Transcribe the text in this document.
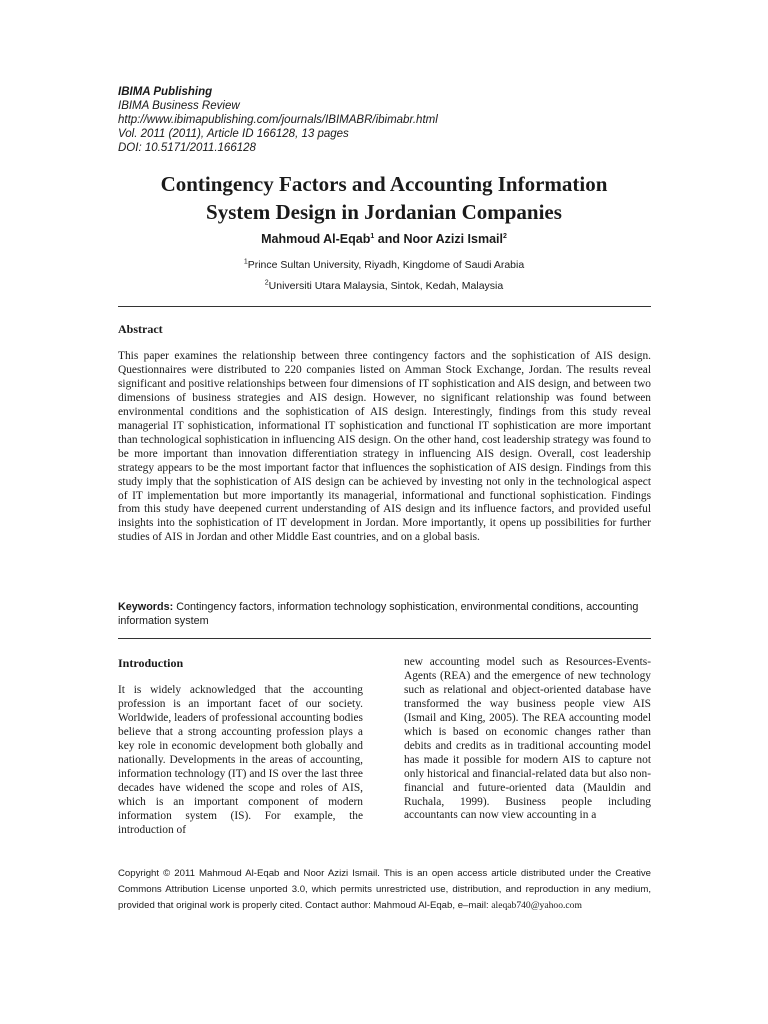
IBIMA Publishing
IBIMA Business Review
http://www.ibimapublishing.com/journals/IBIMABR/ibimabr.html
Vol. 2011 (2011), Article ID 166128, 13 pages
DOI: 10.5171/2011.166128
Contingency Factors and Accounting Information
System Design in Jordanian Companies
Mahmoud Al-Eqab$^1$ and Noor Azizi Ismail$^2$
$^1$Prince Sultan University, Riyadh, Kingdome of Saudi Arabia
$^2$Universiti Utara Malaysia, Sintok, Kedah, Malaysia
Abstract
This paper examines the relationship between three contingency factors and the sophistication of AIS design. Questionnaires were distributed to 220 companies listed on Amman Stock Exchange, Jordan. The results reveal significant and positive relationships between four dimensions of IT sophistication and AIS design, and between two dimensions of business strategies and AIS design. However, no significant relationship was found between environmental conditions and the sophistication of AIS design. Interestingly, findings from this study reveal managerial IT sophistication, informational IT sophistication and functional IT sophistication are more important than technological sophistication in influencing AIS design. On the other hand, cost leadership strategy was found to be more important than innovation differentiation strategy in influencing AIS design. Overall, cost leadership strategy appears to be the most important factor that influences the sophistication of AIS design. Findings from this study imply that the sophistication of AIS design can be achieved by investing not only in the technological aspect of IT implementation but more importantly its managerial, informational and functional sophistication. Findings from this study have deepened current understanding of AIS design and its influence factors, and provided useful insights into the sophistication of IT development in Jordan. More importantly, it opens up possibilities for further studies of AIS in Jordan and other Middle East countries, and on a global basis.
Keywords: Contingency factors, information technology sophistication, environmental conditions, accounting information system
Introduction
It is widely acknowledged that the accounting profession is an important facet of our society. Worldwide, leaders of professional accounting bodies believe that a strong accounting profession plays a key role in economic development both globally and nationally. Developments in the areas of accounting, information technology (IT) and IS over the last three decades have widened the scope and roles of AIS, which is an important component of modern information system (IS). For example, the introduction of
new accounting model such as Resources-Events-Agents (REA) and the emergence of new technology such as relational and object-oriented database have transformed the way business people view AIS (Ismail and King, 2005). The REA accounting model which is based on economic changes rather than debits and credits as in traditional accounting model has made it possible for modern AIS to capture not only historical and financial-related data but also non-financial and future-oriented data (Mauldin and Ruchala, 1999). Business people including accountants can now view accounting in a
Copyright © 2011 Mahmoud Al-Eqab and Noor Azizi Ismail. This is an open access article distributed under the Creative Commons Attribution License unported 3.0, which permits unrestricted use, distribution, and reproduction in any medium, provided that original work is properly cited. Contact author: Mahmoud Al-Eqab, e–mail: aleqab740@yahoo.com
